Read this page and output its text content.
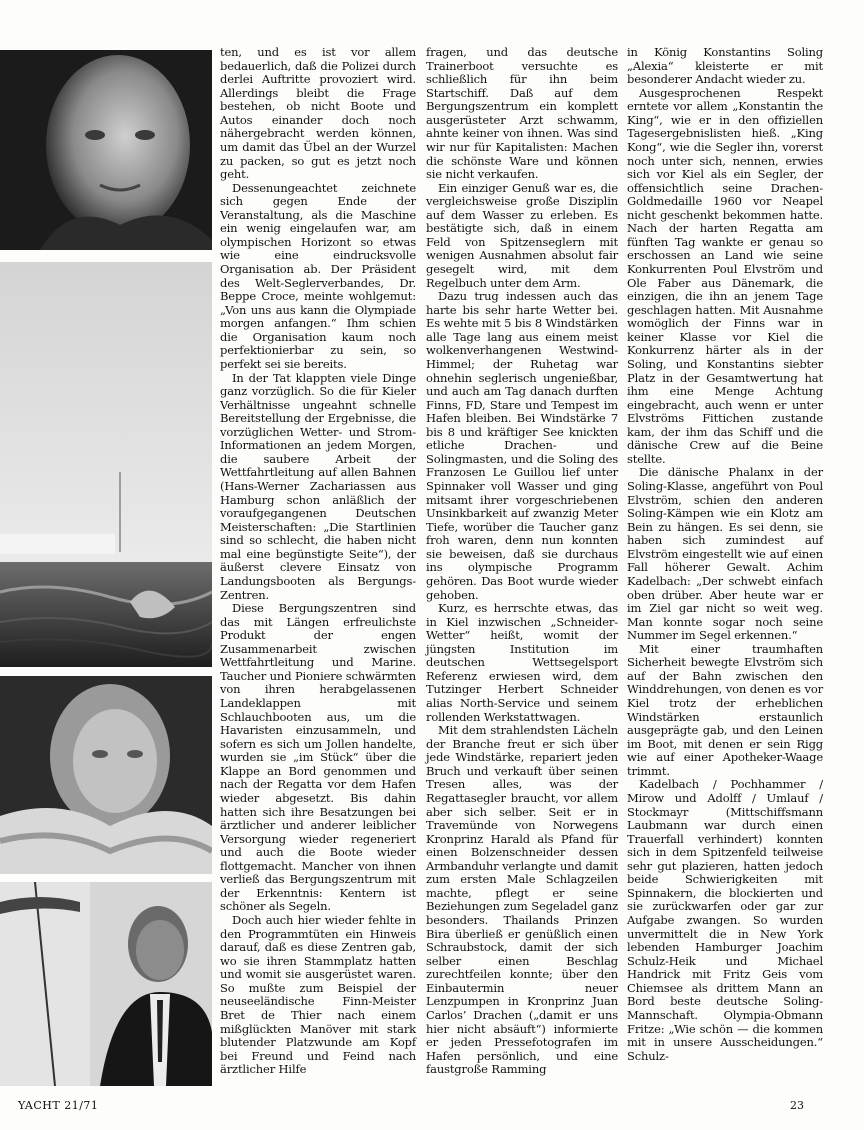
ten, und es ist vor allem bedauerlich, daß die Polizei durch derlei Auftritte provoziert wird. Allerdings bleibt die Frage bestehen, ob nicht Boote und Autos einander doch noch nähergebracht werden können, um damit das Übel an der Wurzel zu packen, so gut es jetzt noch geht.

Dessenungeachtet zeichnete sich gegen Ende der Veranstaltung, als die Maschine ein wenig eingelaufen war, am olympischen Horizont so etwas wie eine eindrucksvolle Organisation ab. Der Präsident des Welt-Seglerverbandes, Dr. Beppe Croce, meinte wohlgemut: „Von uns aus kann die Olympiade morgen anfangen.“ Ihm schien die Organisation kaum noch perfektionierbar zu sein, so perfekt sei sie bereits.

In der Tat klappten viele Dinge ganz vorzüglich. So die für Kieler Verhältnisse ungeahnt schnelle Bereitstellung der Ergebnisse, die vorzüglichen Wetter- und Strom-Informationen an jedem Morgen, die saubere Arbeit der Wettfahrtleitung auf allen Bahnen (Hans-Werner Zachariassen aus Hamburg schon anläßlich der voraufgegangenen Deutschen Meisterschaften: „Die Startlinien sind so schlecht, die haben nicht mal eine begünstigte Seite“), der äußerst clevere Einsatz von Landungsbooten als Bergungs-Zentren.

Diese Bergungszentren sind das mit Längen erfreulichste Produkt der engen Zusammenarbeit zwischen Wettfahrtleitung und Marine. Taucher und Pioniere schwärmten von ihren herabgelassenen Landeklappen mit Schlauchbooten aus, um die Havaristen einzusammeln, und sofern es sich um Jollen handelte, wurden sie „im Stück“ über die Klappe an Bord genommen und nach der Regatta vor dem Hafen wieder abgesetzt. Bis dahin hatten sich ihre Besatzungen bei ärztlicher und anderer leiblicher Versorgung wieder regeneriert und auch die Boote wieder flottgemacht. Mancher von ihnen verließ das Bergungszentrum mit der Erkenntnis: Kentern ist schöner als Segeln.

Doch auch hier wieder fehlte in den Programmtüten ein Hinweis darauf, daß es diese Zentren gab, wo sie ihren Stammplatz hatten und womit sie ausgerüstet waren. So mußte zum Beispiel der neuseeländische Finn-Meister Bret de Thier nach einem mißglückten Manöver mit stark blutender Platzwunde am Kopf bei Freund und Feind nach ärztlicher Hilfe

fragen, und das deutsche Trainerboot versuchte es schließlich für ihn beim Startschiff. Daß auf dem Bergungszentrum ein komplett ausgerüsteter Arzt schwamm, ahnte keiner von ihnen. Was sind wir nur für Kapitalisten: Machen die schönste Ware und können sie nicht verkaufen.

Ein einziger Genuß war es, die vergleichsweise große Disziplin auf dem Wasser zu erleben. Es bestätigte sich, daß in einem Feld von Spitzenseglern mit wenigen Ausnahmen absolut fair gesegelt wird, mit dem Regelbuch unter dem Arm.

Dazu trug indessen auch das harte bis sehr harte Wetter bei. Es wehte mit 5 bis 8 Windstärken alle Tage lang aus einem meist wolkenverhangenen Westwind-Himmel; der Ruhetag war ohnehin seglerisch ungenießbar, und auch am Tag danach durften Finns, FD, Stare und Tempest im Hafen bleiben. Bei Windstärke 7 bis 8 und kräftiger See knickten etliche Drachen- und Solingmasten, und die Soling des Franzosen Le Guillou lief unter Spinnaker voll Wasser und ging mitsamt ihrer vorgeschriebenen Unsinkbarkeit auf zwanzig Meter Tiefe, worüber die Taucher ganz froh waren, denn nun konnten sie beweisen, daß sie durchaus ins olympische Programm gehören. Das Boot wurde wieder gehoben.

Kurz, es herrschte etwas, das in Kiel inzwischen „Schneider-Wetter“ heißt, womit der jüngsten Institution im deutschen Wettsegelsport Referenz erwiesen wird, dem Tutzinger Herbert Schneider alias North-Service und seinem rollenden Werkstattwagen.

Mit dem strahlendsten Lächeln der Branche freut er sich über jede Windstärke, repariert jeden Bruch und verkauft über seinen Tresen alles, was der Regattasegler braucht, vor allem aber sich selber. Seit er in Travemünde von Norwegens Kronprinz Harald als Pfand für einen Bolzenschneider dessen Armbanduhr verlangte und damit zum ersten Male Schlagzeilen machte, pflegt er seine Beziehungen zum Segeladel ganz besonders. Thailands Prinzen Bira überließ er genüßlich einen Schraubstock, damit der sich selber einen Beschlag zurechtfeilen konnte; über den Einbautermin neuer Lenzpumpen in Kronprinz Juan Carlos’ Drachen („damit er uns hier nicht absäuft“) informierte er jeden Pressefotografen im Hafen persönlich, und eine faustgroße Ramming

in König Konstantins Soling „Alexia“ kleisterte er mit besonderer Andacht wieder zu.

Ausgesprochenen Respekt erntete vor allem „Konstantin the King“, wie er in den offiziellen Tagesergebnislisten hieß. „King Kong“, wie die Segler ihn, vorerst noch unter sich, nennen, erwies sich vor Kiel als ein Segler, der offensichtlich seine Drachen-Goldmedaille 1960 vor Neapel nicht geschenkt bekommen hatte. Nach der harten Regatta am fünften Tag wankte er genau so erschossen an Land wie seine Konkurrenten Poul Elvström und Ole Faber aus Dänemark, die einzigen, die ihn an jenem Tage geschlagen hatten. Mit Ausnahme womöglich der Finns war in keiner Klasse vor Kiel die Konkurrenz härter als in der Soling, und Konstantins siebter Platz in der Gesamtwertung hat ihm eine Menge Achtung eingebracht, auch wenn er unter Elvströms Fittichen zustande kam, der ihm das Schiff und die dänische Crew auf die Beine stellte.

Die dänische Phalanx in der Soling-Klasse, angeführt von Poul Elvström, schien den anderen Soling-Kämpen wie ein Klotz am Bein zu hängen. Es sei denn, sie haben sich zumindest auf Elvström eingestellt wie auf einen Fall höherer Gewalt. Achim Kadelbach: „Der schwebt einfach oben drüber. Aber heute war er im Ziel gar nicht so weit weg. Man konnte sogar noch seine Nummer im Segel erkennen.“

Mit einer traumhaften Sicherheit bewegte Elvström sich auf der Bahn zwischen den Winddrehungen, von denen es vor Kiel trotz der erheblichen Windstärken erstaunlich ausgeprägte gab, und den Leinen im Boot, mit denen er sein Rigg wie auf einer Apotheker-Waage trimmt.

Kadelbach / Pochhammer / Mirow und Adolff / Umlauf / Stockmayr (Mittschiffsmann Laubmann war durch einen Trauerfall verhindert) konnten sich in dem Spitzenfeld teilweise sehr gut plazieren, hatten jedoch beide Schwierigkeiten mit Spinnakern, die blockierten und sie zurückwarfen oder gar zur Aufgabe zwangen. So wurden unvermittelt die in New York lebenden Hamburger Joachim Schulz-Heik und Michael Handrick mit Fritz Geis vom Chiemsee als drittem Mann an Bord beste deutsche Soling-Mannschaft. Olympia-Obmann Fritze: „Wie schön — die kommen mit in unsere Ausscheidungen.“ Schulz-

YACHT 21/71	23
